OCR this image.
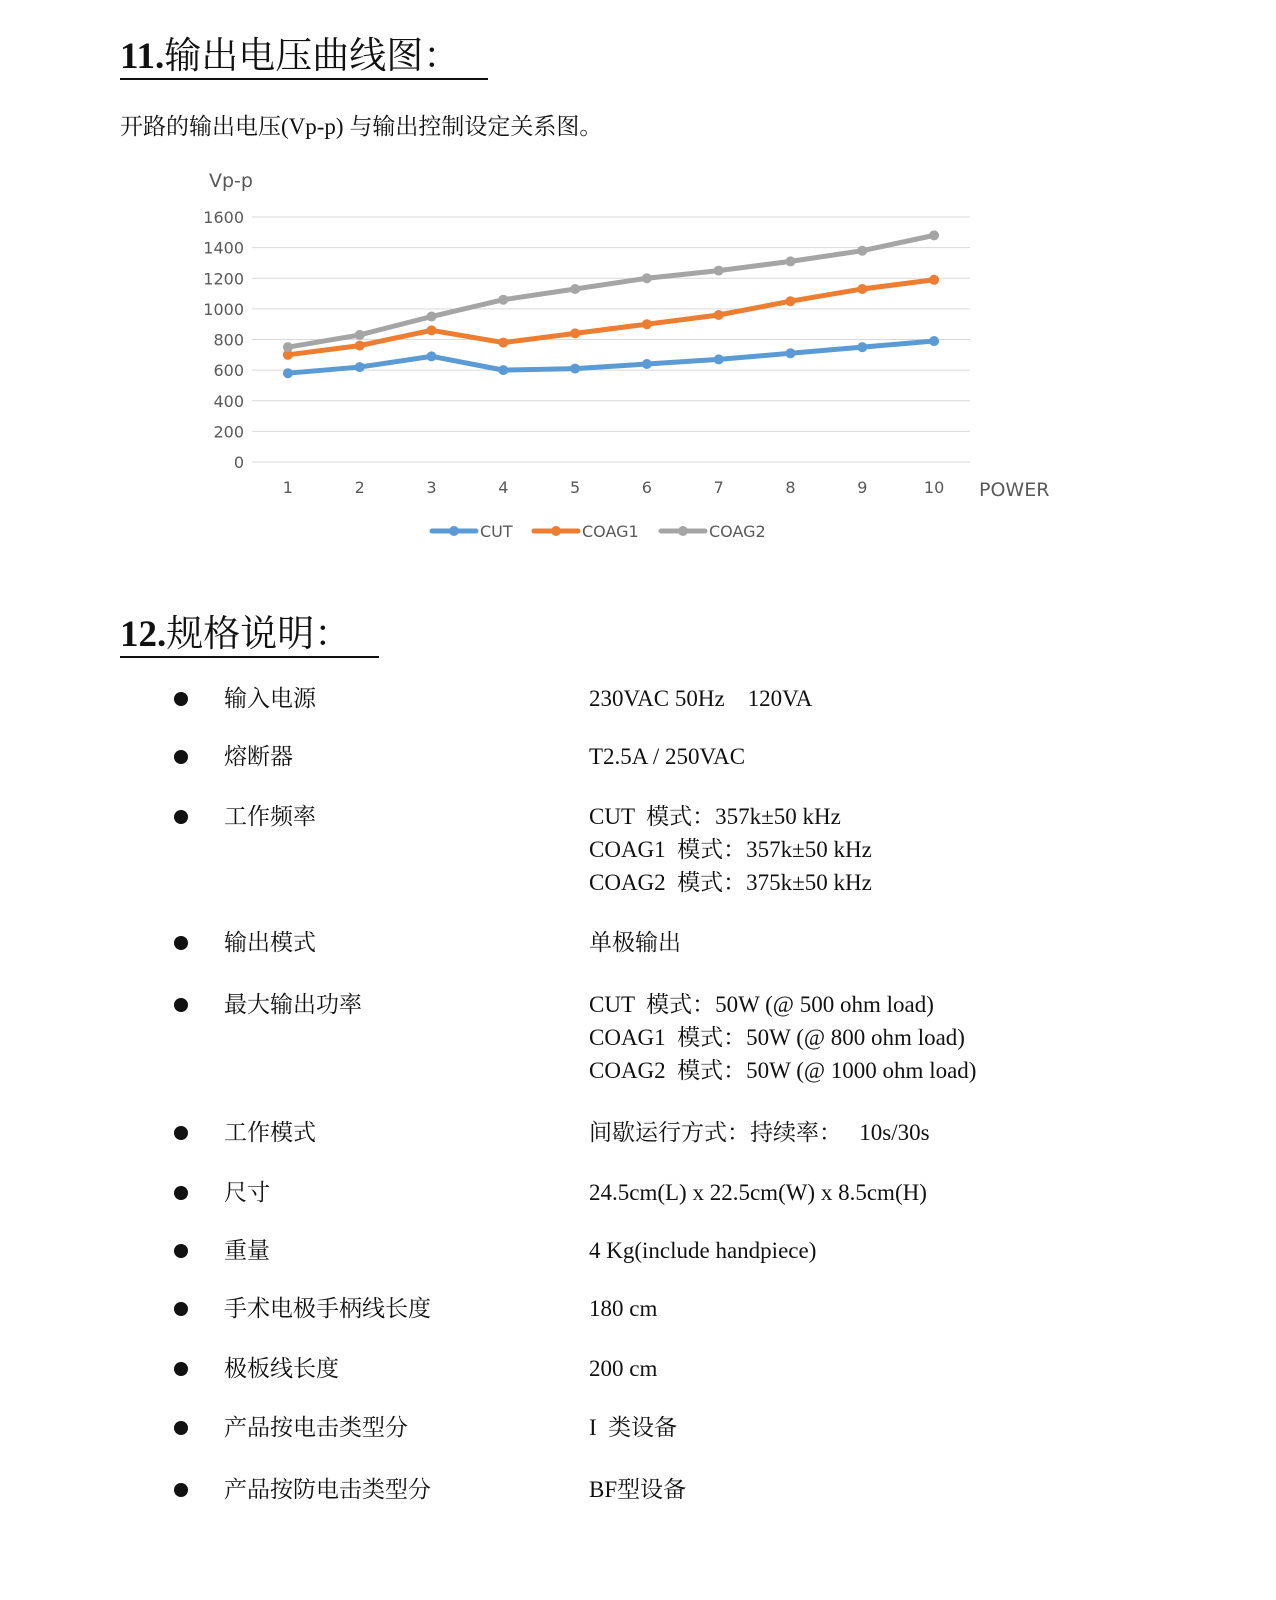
11.输出电压曲线图：

开路的输出电压(Vp-p) 与输出控制设定关系图。

0
200
400
600
800
1000
1200
1400
1600
Vp-p
1	2	3	4	5	6	7	8	9	10 POWER
CUT	COAG1	COAG2
12.规格说明：
输入电源	230VAC 50Hz    120VA
熔断器	T2.5A / 250VAC
工作频率	CUT  模式：357k±50 kHz
COAG1  模式：357k±50 kHz
COAG2  模式：375k±50 kHz
输出模式	单极输出
最大输出功率	CUT  模式：50W (@ 500 ohm load)
COAG1  模式：50W (@ 800 ohm load)
COAG2  模式：50W (@ 1000 ohm load)
工作模式	间歇运行方式：持续率：   10s/30s
尺寸	24.5cm(L) x 22.5cm(W) x 8.5cm(H)
重量	4 Kg(include handpiece)
手术电极手柄线长度	180 cm
极板线长度	200 cm
产品按电击类型分	I  类设备
产品按防电击类型分	BF型设备
